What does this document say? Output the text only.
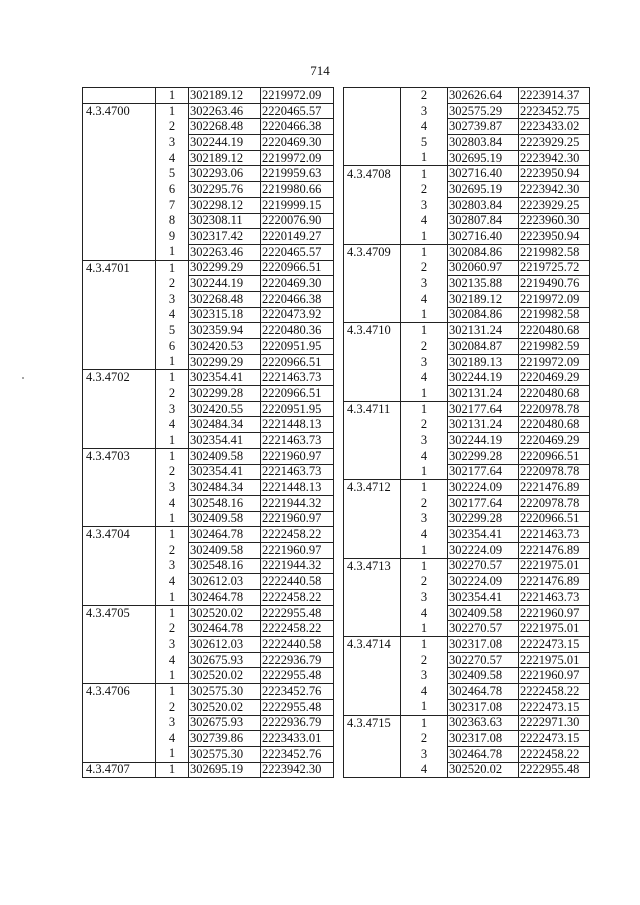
714
	1	302189.12	2219972.09
4.3.4700	1	302263.46	2220465.57
	2	302268.48	2220466.38
	3	302244.19	2220469.30
	4	302189.12	2219972.09
	5	302293.06	2219959.63
	6	302295.76	2219980.66
	7	302298.12	2219999.15
	8	302308.11	2220076.90
	9	302317.42	2220149.27
	1	302263.46	2220465.57
4.3.4701	1	302299.29	2220966.51
	2	302244.19	2220469.30
	3	302268.48	2220466.38
	4	302315.18	2220473.92
	5	302359.94	2220480.36
	6	302420.53	2220951.95
	1	302299.29	2220966.51
4.3.4702	1	302354.41	2221463.73
	2	302299.28	2220966.51
	3	302420.55	2220951.95
	4	302484.34	2221448.13
	1	302354.41	2221463.73
4.3.4703	1	302409.58	2221960.97
	2	302354.41	2221463.73
	3	302484.34	2221448.13
	4	302548.16	2221944.32
	1	302409.58	2221960.97
4.3.4704	1	302464.78	2222458.22
	2	302409.58	2221960.97
	3	302548.16	2221944.32
	4	302612.03	2222440.58
	1	302464.78	2222458.22
4.3.4705	1	302520.02	2222955.48
	2	302464.78	2222458.22
	3	302612.03	2222440.58
	4	302675.93	2222936.79
	1	302520.02	2222955.48
4.3.4706	1	302575.30	2223452.76
	2	302520.02	2222955.48
	3	302675.93	2222936.79
	4	302739.86	2223433.01
	1	302575.30	2223452.76
4.3.4707	1	302695.19	2223942.30
	2	302626.64	2223914.37
	3	302575.29	2223452.75
	4	302739.87	2223433.02
	5	302803.84	2223929.25
	1	302695.19	2223942.30
4.3.4708	1	302716.40	2223950.94
	2	302695.19	2223942.30
	3	302803.84	2223929.25
	4	302807.84	2223960.30
	1	302716.40	2223950.94
4.3.4709	1	302084.86	2219982.58
	2	302060.97	2219725.72
	3	302135.88	2219490.76
	4	302189.12	2219972.09
	1	302084.86	2219982.58
4.3.4710	1	302131.24	2220480.68
	2	302084.87	2219982.59
	3	302189.13	2219972.09
	4	302244.19	2220469.29
	1	302131.24	2220480.68
4.3.4711	1	302177.64	2220978.78
	2	302131.24	2220480.68
	3	302244.19	2220469.29
	4	302299.28	2220966.51
	1	302177.64	2220978.78
4.3.4712	1	302224.09	2221476.89
	2	302177.64	2220978.78
	3	302299.28	2220966.51
	4	302354.41	2221463.73
	1	302224.09	2221476.89
4.3.4713	1	302270.57	2221975.01
	2	302224.09	2221476.89
	3	302354.41	2221463.73
	4	302409.58	2221960.97
	1	302270.57	2221975.01
4.3.4714	1	302317.08	2222473.15
	2	302270.57	2221975.01
	3	302409.58	2221960.97
	4	302464.78	2222458.22
	1	302317.08	2222473.15
4.3.4715	1	302363.63	2222971.30
	2	302317.08	2222473.15
	3	302464.78	2222458.22
	4	302520.02	2222955.48
